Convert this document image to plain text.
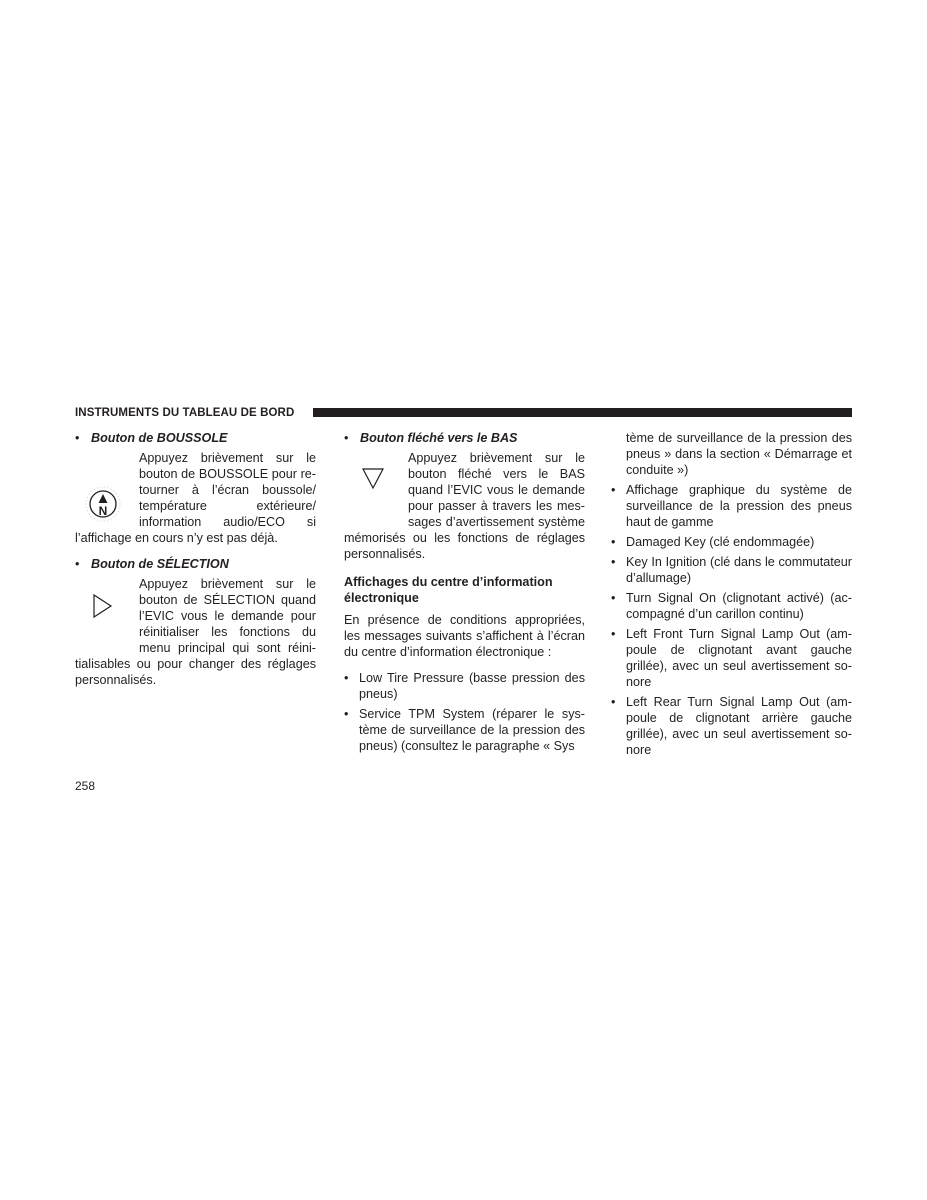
INSTRUMENTS DU TABLEAU DE BORD
• Bouton de BOUSSOLE
N

Appuyez brièvement sur le bouton de BOUSSOLE pour retourner à l’écran boussole/ température extérieure/ information audio/ECO si l’affichage en cours n’y est pas déjà.

• Bouton de SÉLECTION

Appuyez brièvement sur le bouton de SÉLECTION quand l’EVIC vous le demande pour réinitialiser les fonctions du menu principal qui sont réinitialisables ou pour changer des réglages personnalisés.

• Bouton fléché vers le BAS

Appuyez brièvement sur le bouton fléché vers le BAS quand l’EVIC vous le demande pour passer à travers les messages d’avertissement système mémorisés ou les fonctions de réglages personnalisés.

Affichages du centre d’information électronique

En présence de conditions appropriées, les messages suivants s’affichent à l’écran du centre d’information électronique :

• Low Tire Pressure (basse pression des pneus)
• Service TPM System (réparer le système de surveillance de la pression des pneus) (consultez le paragraphe « Sys

tème de surveillance de la pression des pneus » dans la section « Démarrage et conduite »)

• Affichage graphique du système de surveillance de la pression des pneus haut de gamme
• Damaged Key (clé endommagée)
• Key In Ignition (clé dans le commutateur d’allumage)
• Turn Signal On (clignotant activé) (accompagné d’un carillon continu)
• Left Front Turn Signal Lamp Out (ampoule de clignotant avant gauche grillée), avec un seul avertissement sonore
• Left Rear Turn Signal Lamp Out (ampoule de clignotant arrière gauche grillée), avec un seul avertissement sonore
258
